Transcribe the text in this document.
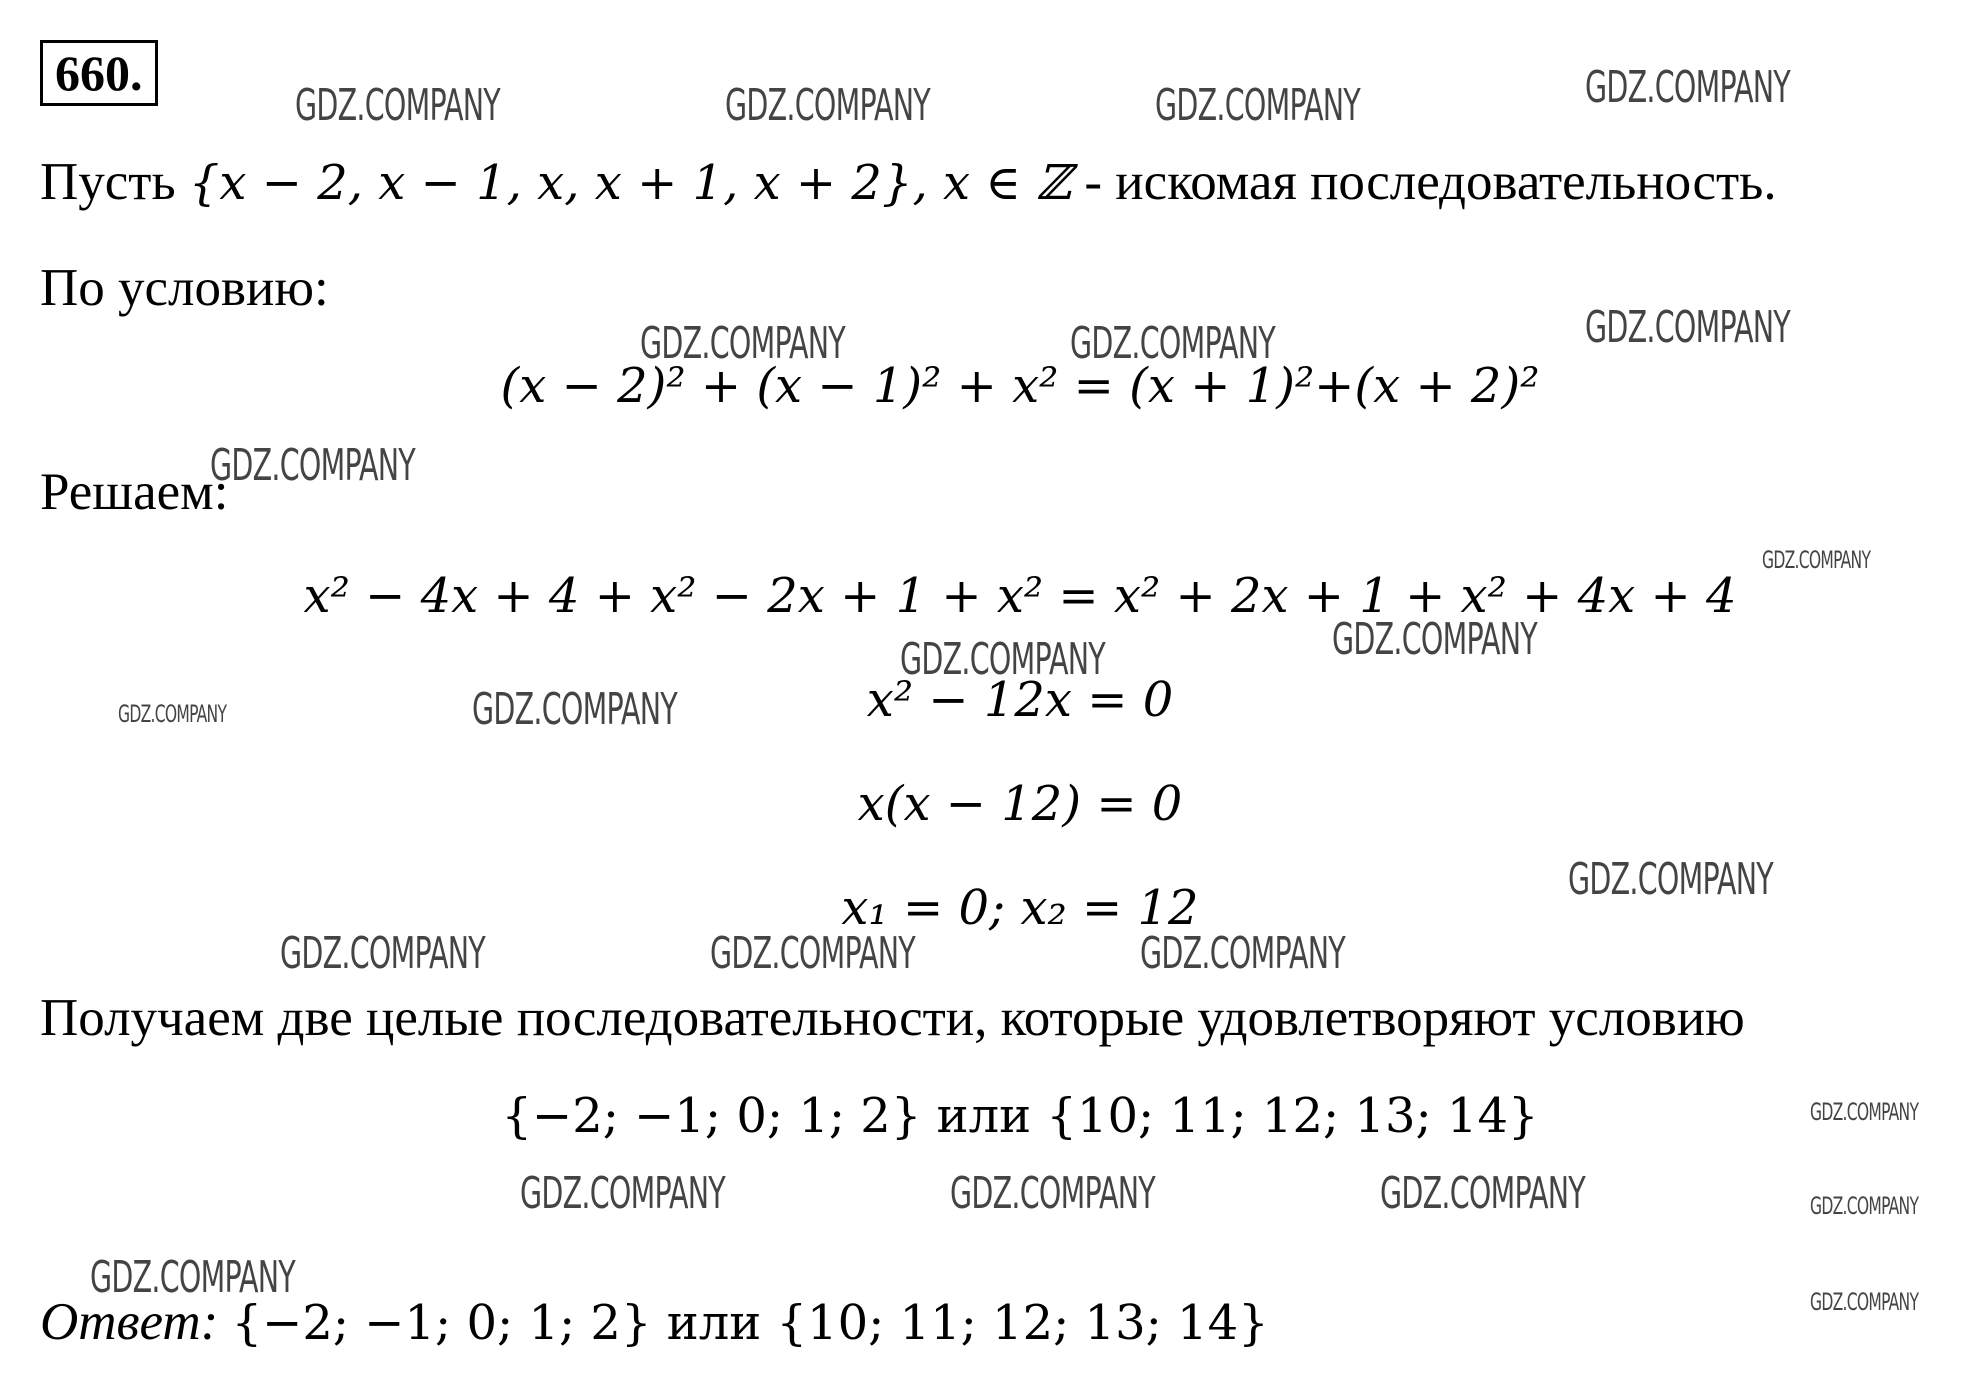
660.
Пусть {x − 2, x − 1, x, x + 1, x + 2}, x ∈ ℤ - искомая последовательность.
По условию:
(x − 2)² + (x − 1)² + x² = (x + 1)²+(x + 2)²
Решаем:
x² − 4x + 4 + x² − 2x + 1 + x² = x² + 2x + 1 + x² + 4x + 4
x² − 12x = 0
x(x − 12) = 0
x₁ = 0; x₂ = 12
Получаем две целые последовательности, которые удовлетворяют условию
{−2; −1; 0; 1; 2} или {10; 11; 12; 13; 14}
Ответ: {−2; −1; 0; 1; 2} или {10; 11; 12; 13; 14}
GDZ.COMPANY	GDZ.COMPANY	GDZ.COMPANY	GDZ.COMPANY
GDZ.COMPANY	GDZ.COMPANY	GDZ.COMPANY
GDZ.COMPANY
GDZ.COMPANY
GDZ.COMPANY	GDZ.COMPANY
GDZ.COMPANY	GDZ.COMPANY
GDZ.COMPANY
GDZ.COMPANY	GDZ.COMPANY	GDZ.COMPANY
GDZ.COMPANY
GDZ.COMPANY	GDZ.COMPANY	GDZ.COMPANY	GDZ.COMPANY
GDZ.COMPANY	GDZ.COMPANY
